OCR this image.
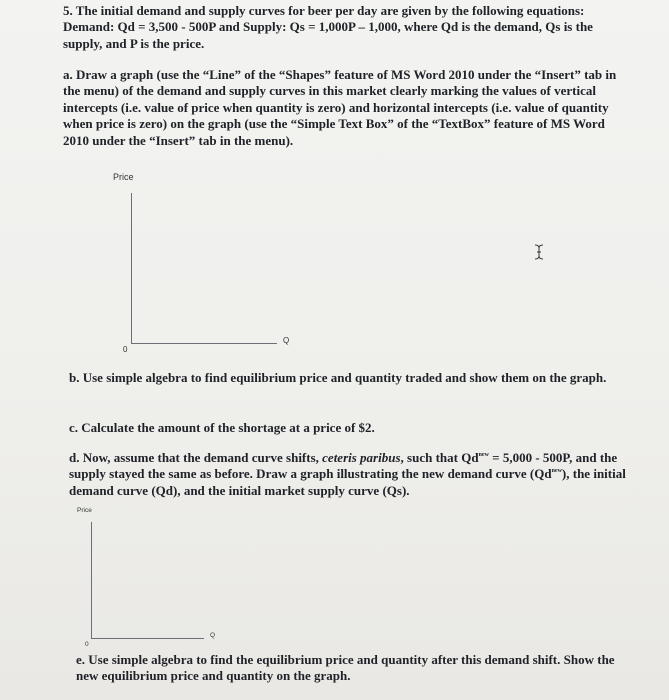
5. The initial demand and supply curves for beer per day are given by the following equations: Demand: Qd = 3,500 - 500P and Supply: Qs = 1,000P – 1,000, where Qd is the demand, Qs is the supply, and P is the price.

a. Draw a graph (use the “Line” of the “Shapes” feature of MS Word 2010 under the “Insert” tab in the menu) of the demand and supply curves in this market clearly marking the values of vertical intercepts (i.e. value of price when quantity is zero) and horizontal intercepts (i.e. value of quantity when price is zero) on the graph (use the “Simple Text Box” of the “TextBox” feature of MS Word 2010 under the “Insert” tab in the menu).

Price
0
Q

b. Use simple algebra to find equilibrium price and quantity traded and show them on the graph.

c. Calculate the amount of the shortage at a price of $2.

d. Now, assume that the demand curve shifts, ceteris paribus, such that $Qd^{new} = 5,000 - 500P$, and the supply stayed the same as before. Draw a graph illustrating the new demand curve $(Qd^{new})$, the initial demand curve (Qd), and the initial market supply curve (Qs).

Price
0
Q

e. Use simple algebra to find the equilibrium price and quantity after this demand shift. Show the new equilibrium price and quantity on the graph.
